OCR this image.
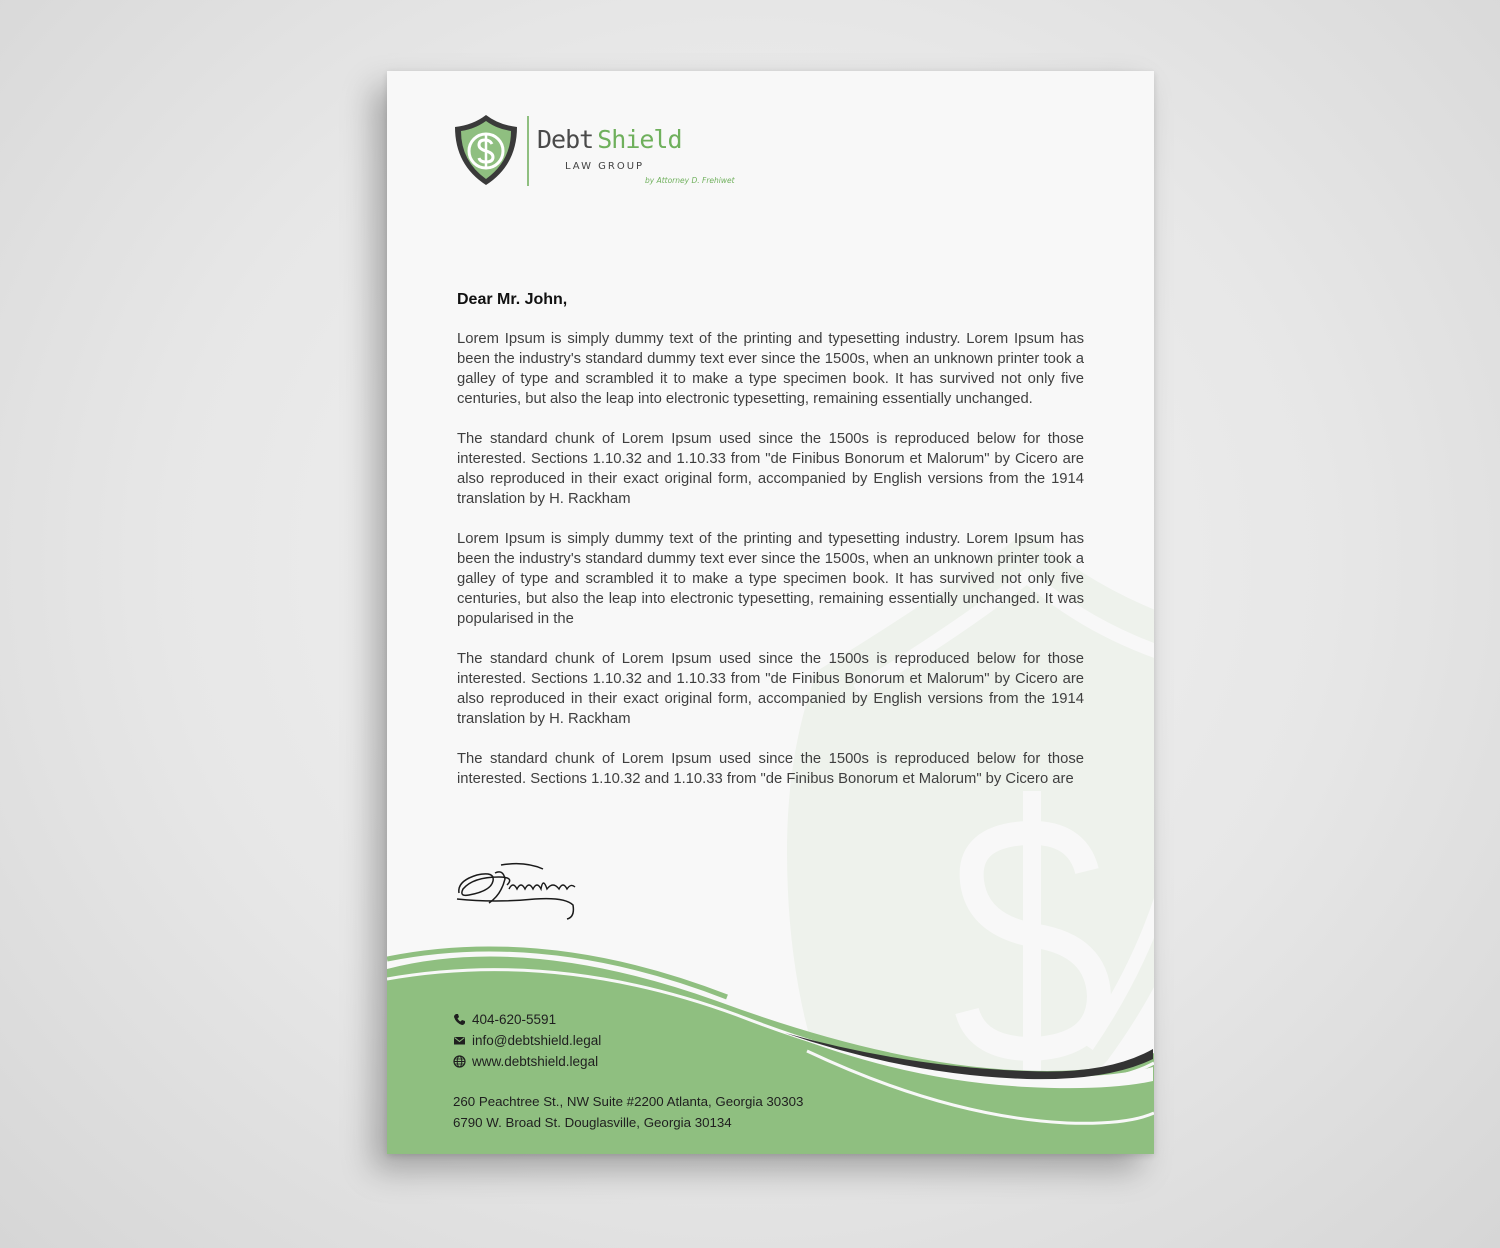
Debt Shield
LAW GROUP
by Attorney D. Frehiwet

Dear Mr. John,

Lorem Ipsum is simply dummy text of the printing and typesetting industry. Lorem Ipsum has been the industry's standard dummy text ever since the 1500s, when an unknown printer took a galley of type and scrambled it to make a type specimen book. It has survived not only five centuries, but also the leap into electronic typesetting, remaining essentially unchanged.

The standard chunk of Lorem Ipsum used since the 1500s is reproduced below for those interested. Sections 1.10.32 and 1.10.33 from "de Finibus Bonorum et Malorum" by Cicero are also reproduced in their exact original form, accompanied by English versions from the 1914 translation by H. Rackham

Lorem Ipsum is simply dummy text of the printing and typesetting industry. Lorem Ipsum has been the industry's standard dummy text ever since the 1500s, when an unknown printer took a galley of type and scrambled it to make a type specimen book. It has survived not only five centuries, but also the leap into electronic typesetting, remaining essentially unchanged. It was popularised in the

The standard chunk of Lorem Ipsum used since the 1500s is reproduced below for those interested. Sections 1.10.32 and 1.10.33 from "de Finibus Bonorum et Malorum" by Cicero are also reproduced in their exact original form, accompanied by English versions from the 1914 translation by H. Rackham

The standard chunk of Lorem Ipsum used since the 1500s is reproduced below for those interested. Sections 1.10.32 and 1.10.33 from "de Finibus Bonorum et Malorum" by Cicero are

404-620-5591
info@debtshield.legal
www.debtshield.legal
260 Peachtree St., NW Suite #2200 Atlanta, Georgia 30303
6790 W. Broad St. Douglasville, Georgia 30134
